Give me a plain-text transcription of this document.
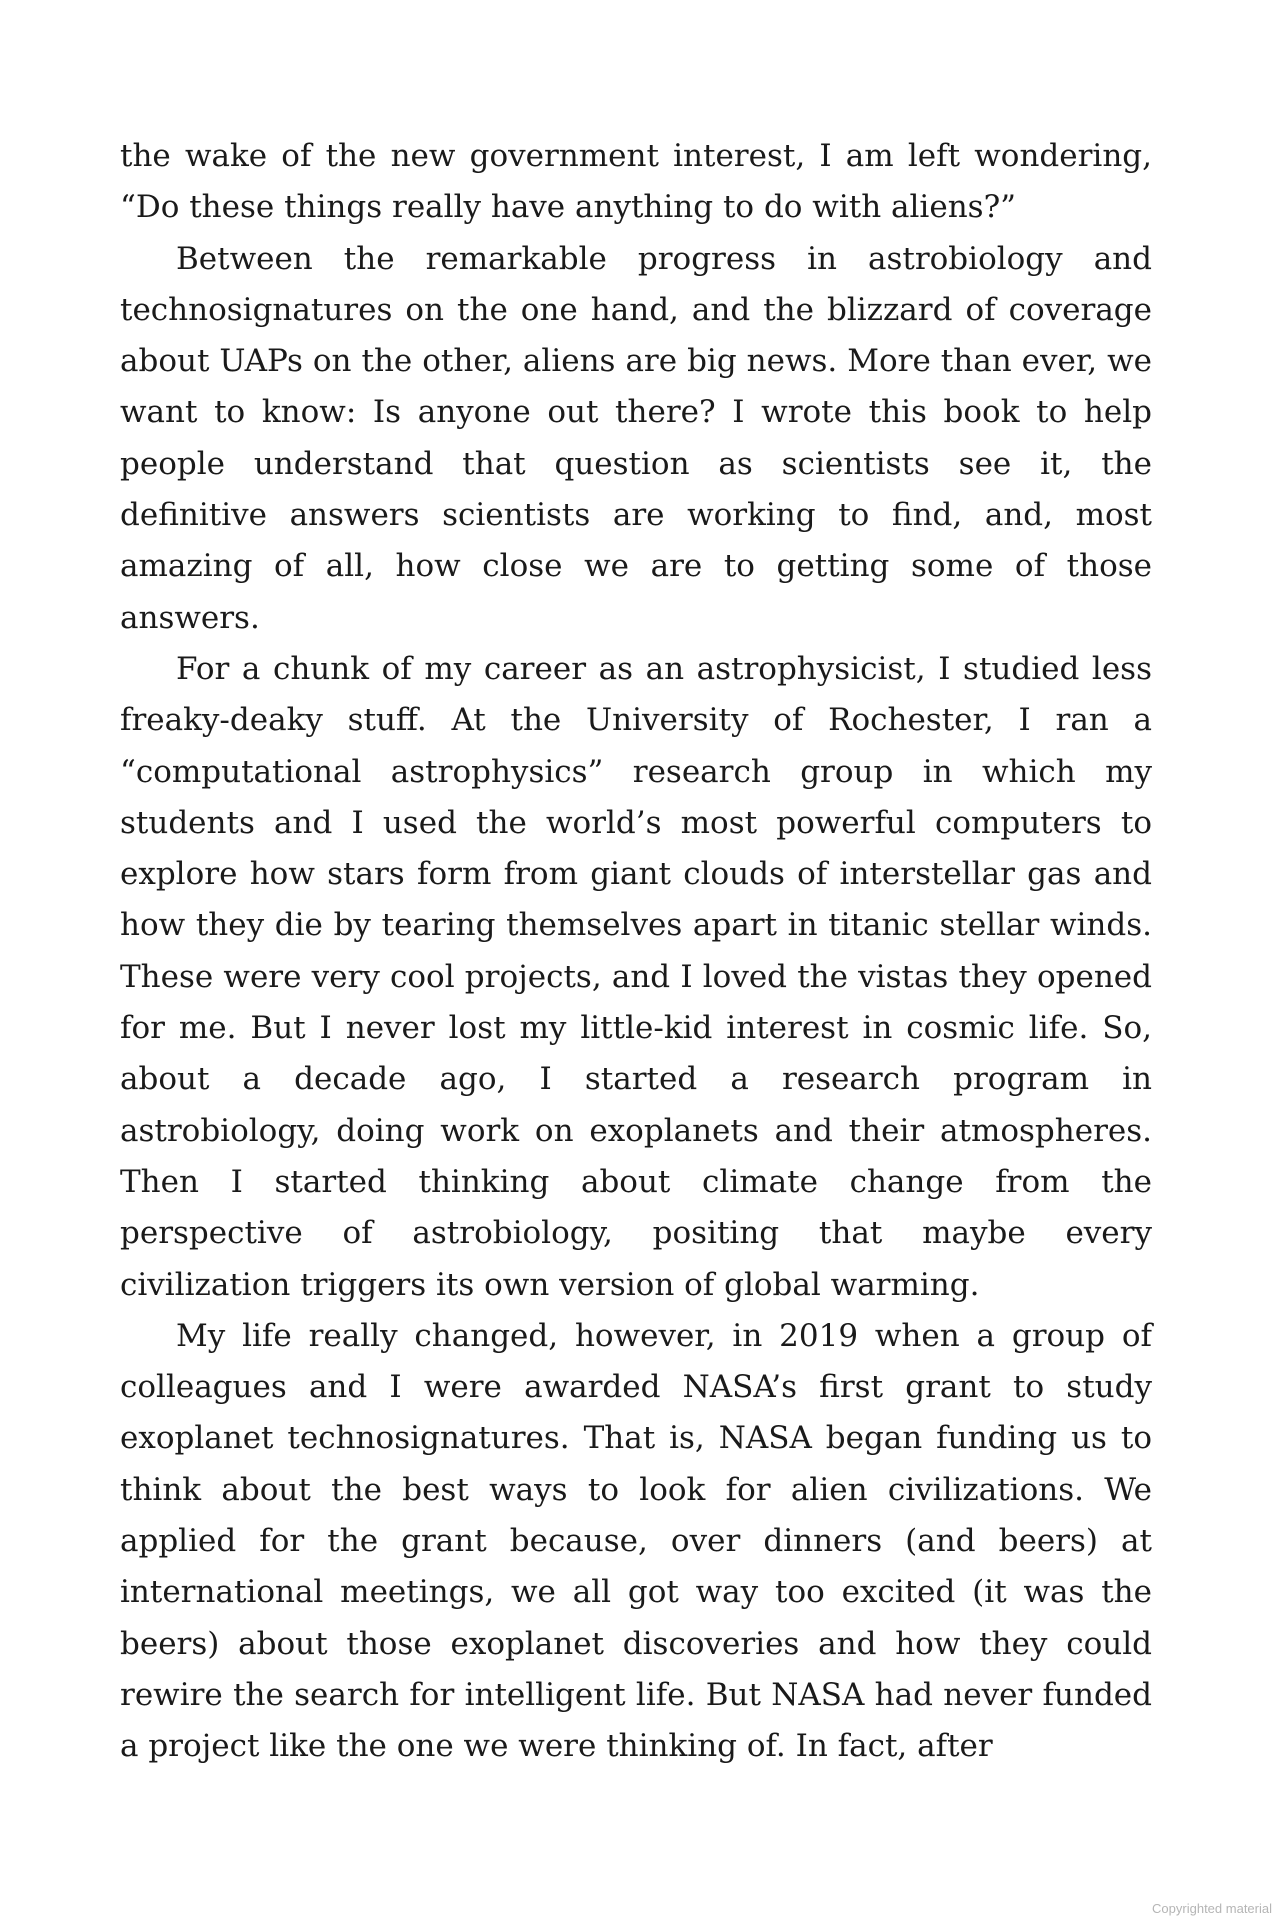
the wake of the new government interest, I am left wondering, “Do these things really have anything to do with aliens?”

Between the remarkable progress in astrobiology and technosignatures on the one hand, and the blizzard of coverage about UAPs on the other, aliens are big news. More than ever, we want to know: Is anyone out there? I wrote this book to help people understand that question as scientists see it, the definitive answers scientists are working to find, and, most amazing of all, how close we are to getting some of those answers.

For a chunk of my career as an astrophysicist, I studied less freaky-deaky stuff. At the University of Rochester, I ran a “computational astrophysics” research group in which my students and I used the world’s most powerful computers to explore how stars form from giant clouds of interstellar gas and how they die by tearing themselves apart in titanic stellar winds. These were very cool projects, and I loved the vistas they opened for me. But I never lost my little-kid interest in cosmic life. So, about a decade ago, I started a research program in astrobiology, doing work on exoplanets and their atmospheres. Then I started thinking about climate change from the perspective of astrobiology, positing that maybe every civilization triggers its own version of global warming.

My life really changed, however, in 2019 when a group of colleagues and I were awarded NASA’s first grant to study exoplanet technosignatures. That is, NASA began funding us to think about the best ways to look for alien civilizations. We applied for the grant because, over dinners (and beers) at international meetings, we all got way too excited (it was the beers) about those exoplanet discoveries and how they could rewire the search for intelligent life. But NASA had never funded a project like the one we were thinking of. In fact, after

Copyrighted material
